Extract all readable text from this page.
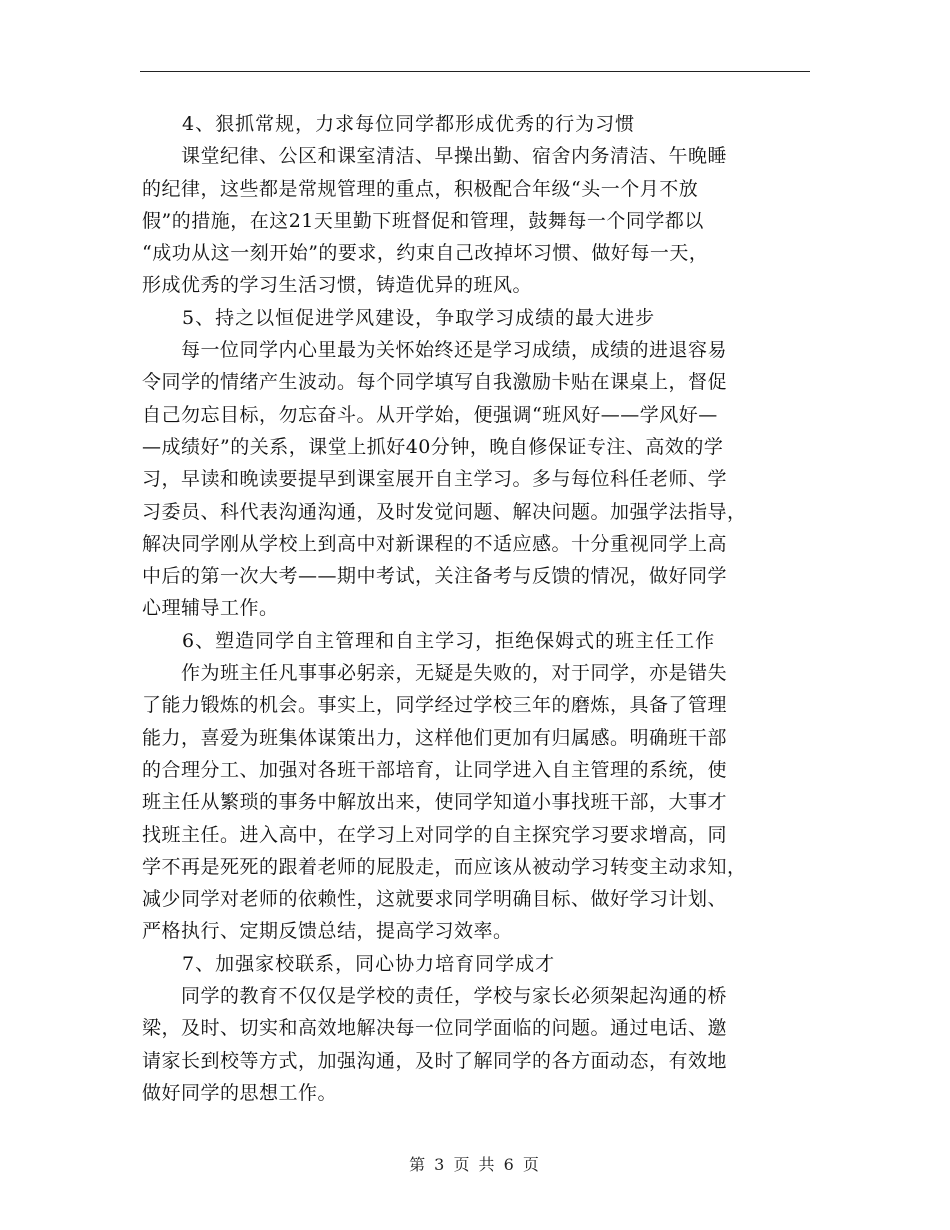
　　4、狠抓常规，力求每位同学都形成优秀的行为习惯
　　课堂纪律、公区和课室清洁、早操出勤、宿舍内务清洁、午晚睡
的纪律，这些都是常规管理的重点，积极配合年级“头一个月不放
假”的措施，在这21天里勤下班督促和管理，鼓舞每一个同学都以
“成功从这一刻开始”的要求，约束自己改掉坏习惯、做好每一天，
形成优秀的学习生活习惯，铸造优异的班风。
　　5、持之以恒促进学风建设，争取学习成绩的最大进步
　　每一位同学内心里最为关怀始终还是学习成绩，成绩的进退容易
令同学的情绪产生波动。每个同学填写自我激励卡贴在课桌上，督促
自己勿忘目标，勿忘奋斗。从开学始，便强调“班风好——学风好—
—成绩好”的关系，课堂上抓好40分钟，晚自修保证专注、高效的学
习，早读和晚读要提早到课室展开自主学习。多与每位科任老师、学
习委员、科代表沟通沟通，及时发觉问题、解决问题。加强学法指导，
解决同学刚从学校上到高中对新课程的不适应感。十分重视同学上高
中后的第一次大考——期中考试，关注备考与反馈的情况，做好同学
心理辅导工作。
　　6、塑造同学自主管理和自主学习，拒绝保姆式的班主任工作
　　作为班主任凡事事必躬亲，无疑是失败的，对于同学，亦是错失
了能力锻炼的机会。事实上，同学经过学校三年的磨炼，具备了管理
能力，喜爱为班集体谋策出力，这样他们更加有归属感。明确班干部
的合理分工、加强对各班干部培育，让同学进入自主管理的系统，使
班主任从繁琐的事务中解放出来，使同学知道小事找班干部，大事才
找班主任。进入高中，在学习上对同学的自主探究学习要求增高，同
学不再是死死的跟着老师的屁股走，而应该从被动学习转变主动求知，
减少同学对老师的依赖性，这就要求同学明确目标、做好学习计划、
严格执行、定期反馈总结，提高学习效率。
　　7、加强家校联系，同心协力培育同学成才
　　同学的教育不仅仅是学校的责任，学校与家长必须架起沟通的桥
梁，及时、切实和高效地解决每一位同学面临的问题。通过电话、邀
请家长到校等方式，加强沟通，及时了解同学的各方面动态，有效地
做好同学的思想工作。
第 3 页 共 6 页
